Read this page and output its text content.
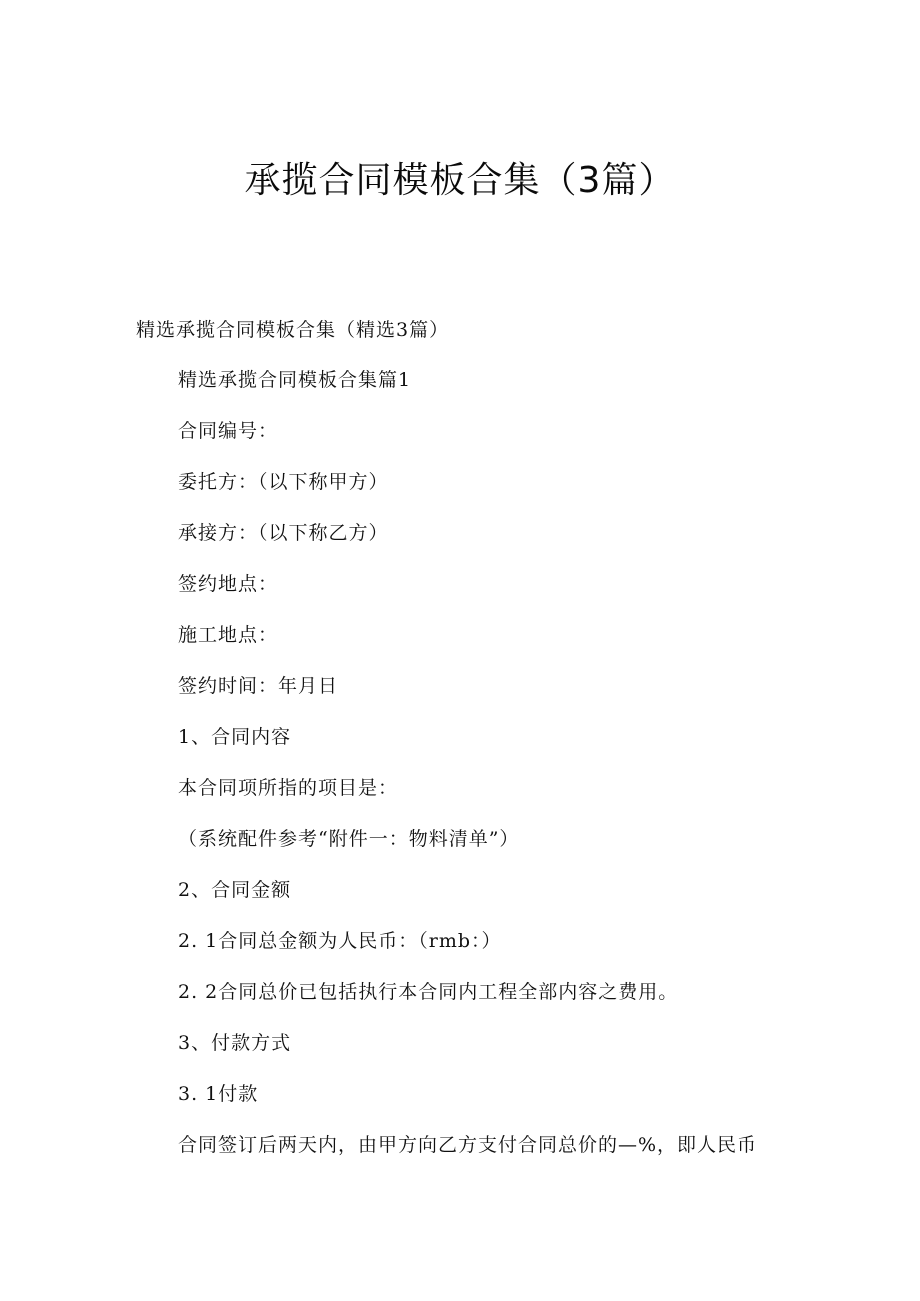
承揽合同模板合集（3篇）

精选承揽合同模板合集（精选3篇）

精选承揽合同模板合集篇1

合同编号：

委托方：（以下称甲方）

承接方：（以下称乙方）

签约地点：

施工地点：

签约时间：年月日

1、合同内容

本合同项所指的项目是：

（系统配件参考“附件一：物料清单”）

2、合同金额

2. 1合同总金额为人民币：（rmb：）

2. 2合同总价已包括执行本合同内工程全部内容之费用。

3、付款方式

3. 1付款

合同签订后两天内，由甲方向乙方支付合同总价的—%，即人民币
